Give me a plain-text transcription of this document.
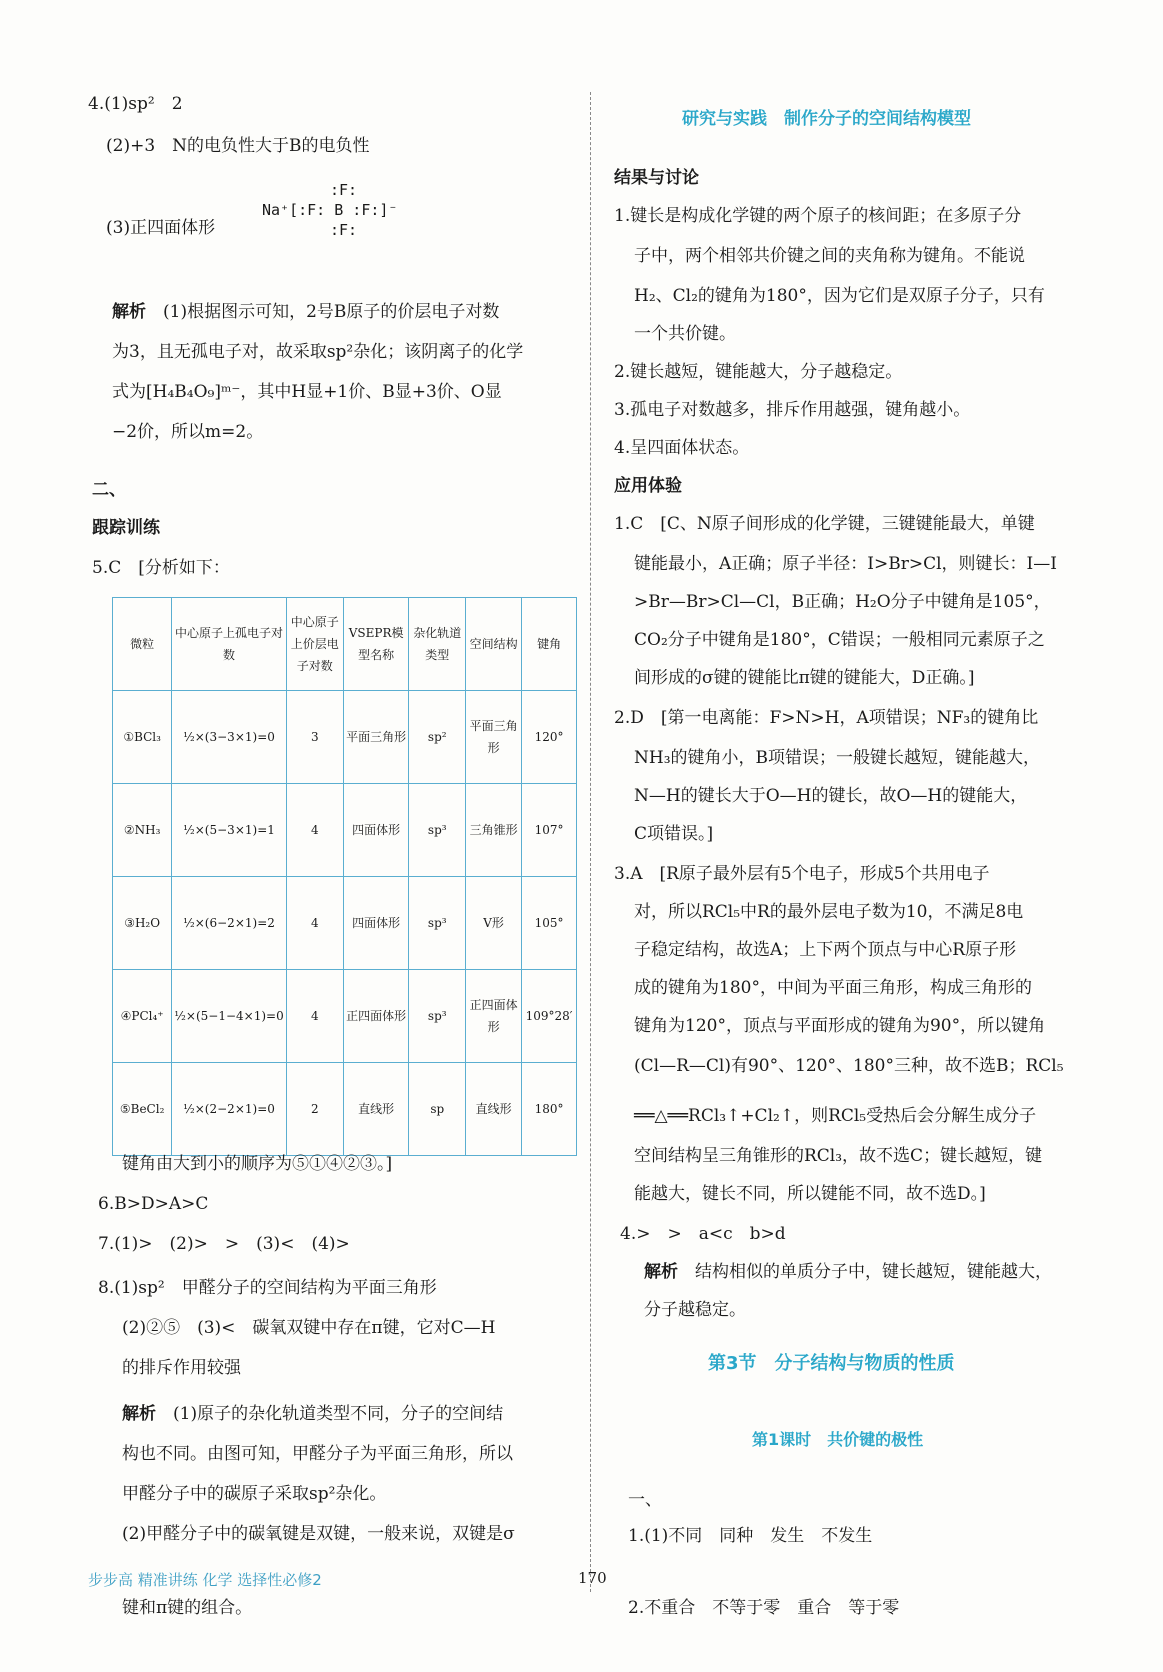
4.(1)sp²　2
(2)+3　N的电负性大于B的电负性
(3)正四面体形
:F:
Na⁺[:F: B :F:]⁻
:F:
解析　 (1)根据图示可知，2号B原子的价层电子对数
为3，且无孤电子对，故采取sp²杂化；该阴离子的化学
式为[H₄B₄O₉]ᵐ⁻，其中H显+1价、B显+3价、O显
−2价，所以m=2。
二、
跟踪训练
5.C　[分析如下：
微粒	中心原子上孤电子对数	中心原子上价层电子对数	VSEPR模型名称	杂化轨道类型	空间结构	键角
①BCl₃	½×(3−3×1)=0	3	平面三角形	sp²	平面三角形	120°
②NH₃	½×(5−3×1)=1	4	四面体形	sp³	三角锥形	107°
③H₂O	½×(6−2×1)=2	4	四面体形	sp³	V形	105°
④PCl₄⁺	½×(5−1−4×1)=0	4	正四面体形	sp³	正四面体形	109°28′
⑤BeCl₂	½×(2−2×1)=0	2	直线形	sp	直线形	180°
键角由大到小的顺序为⑤①④②③。]
6.B>D>A>C
7.(1)>　(2)>　>　(3)<　(4)>
8.(1)sp²　甲醛分子的空间结构为平面三角形
(2)②⑤　(3)<　碳氧双键中存在π键，它对C—H
的排斥作用较强
解析　 (1)原子的杂化轨道类型不同，分子的空间结
构也不同。由图可知，甲醛分子为平面三角形，所以
甲醛分子中的碳原子采取sp²杂化。
(2)甲醛分子中的碳氧键是双键，一般来说，双键是σ
研究与实践　制作分子的空间结构模型
结果与讨论
1.键长是构成化学键的两个原子的核间距；在多原子分
子中，两个相邻共价键之间的夹角称为键角。不能说
H₂、Cl₂的键角为180°，因为它们是双原子分子，只有
一个共价键。
2.键长越短，键能越大，分子越稳定。
3.孤电子对数越多，排斥作用越强，键角越小。
4.呈四面体状态。
应用体验
1.C　[C、N原子间形成的化学键，三键键能最大，单键
键能最小，A正确；原子半径：I>Br>Cl，则键长：I—I
>Br—Br>Cl—Cl，B正确；H₂O分子中键角是105°，
CO₂分子中键角是180°，C错误；一般相同元素原子之
间形成的σ键的键能比π键的键能大，D正确。]
2.D　[第一电离能：F>N>H，A项错误；NF₃的键角比
NH₃的键角小，B项错误；一般键长越短，键能越大，
N—H的键长大于O—H的键长，故O—H的键能大，
C项错误。]
3.A　[R原子最外层有5个电子，形成5个共用电子
对，所以RCl₅中R的最外层电子数为10，不满足8电
子稳定结构，故选A；上下两个顶点与中心R原子形
成的键角为180°，中间为平面三角形，构成三角形的
键角为120°，顶点与平面形成的键角为90°，所以键角
(Cl—R—Cl)有90°、120°、180°三种，故不选B；RCl₅
══△══RCl₃↑+Cl₂↑，则RCl₅受热后会分解生成分子
空间结构呈三角锥形的RCl₃，故不选C；键长越短，键
能越大，键长不同，所以键能不同，故不选D。]
4.>　>　a<c　b>d
解析　 结构相似的单质分子中，键长越短，键能越大，
分子越稳定。
第3节　分子结构与物质的性质
第1课时　共价键的极性
一、
1.(1)不同　同种　发生　不发生
步步高 精准讲练 化学 选择性必修2	170
键和π键的组合。	2.不重合　不等于零　重合　等于零
